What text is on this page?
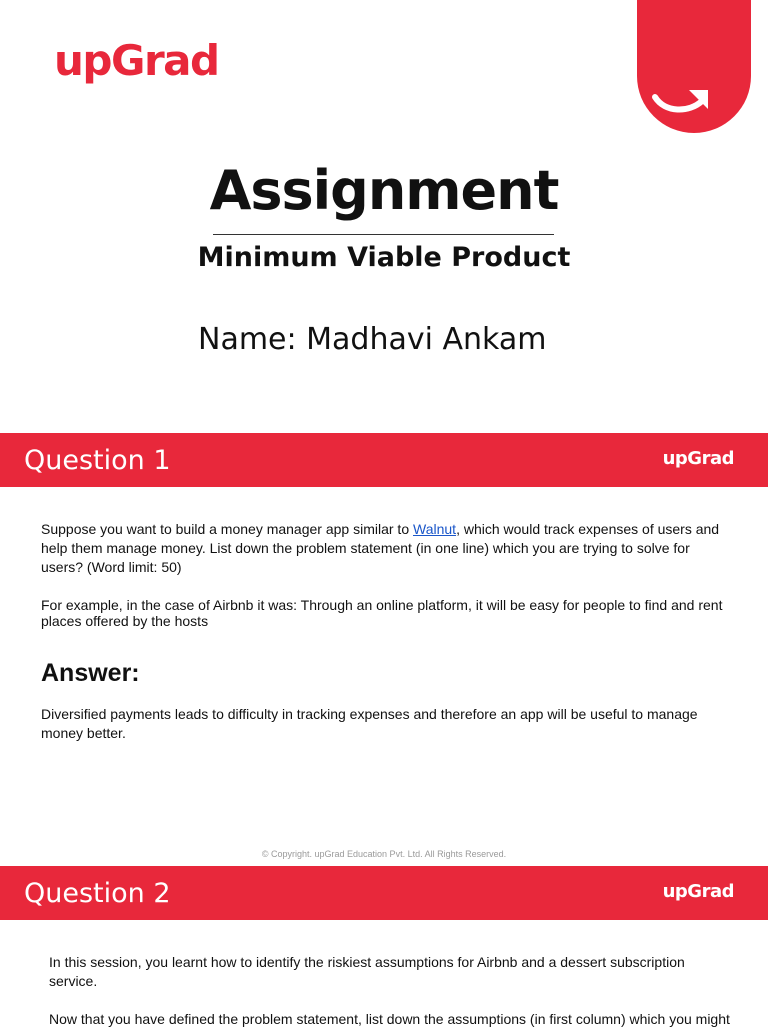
upGrad
Assignment
Minimum Viable Product
Name: Madhavi Ankam
Question 1	upGrad
Suppose you want to build a money manager app similar to Walnut, which would track expenses of users and help them manage money. List down the problem statement (in one line) which you are trying to solve for users? (Word limit: 50)
For example, in the case of Airbnb it was: Through an online platform, it will be easy for people to find and rent places offered by the hosts
Answer:
Diversified payments leads to difficulty in tracking expenses and therefore an app will be useful to manage money better.
© Copyright. upGrad Education Pvt. Ltd. All Rights Reserved.
Question 2	upGrad
In this session, you learnt how to identify the riskiest assumptions for Airbnb and a dessert subscription service.
Now that you have defined the problem statement, list down the assumptions (in first column) which you might
